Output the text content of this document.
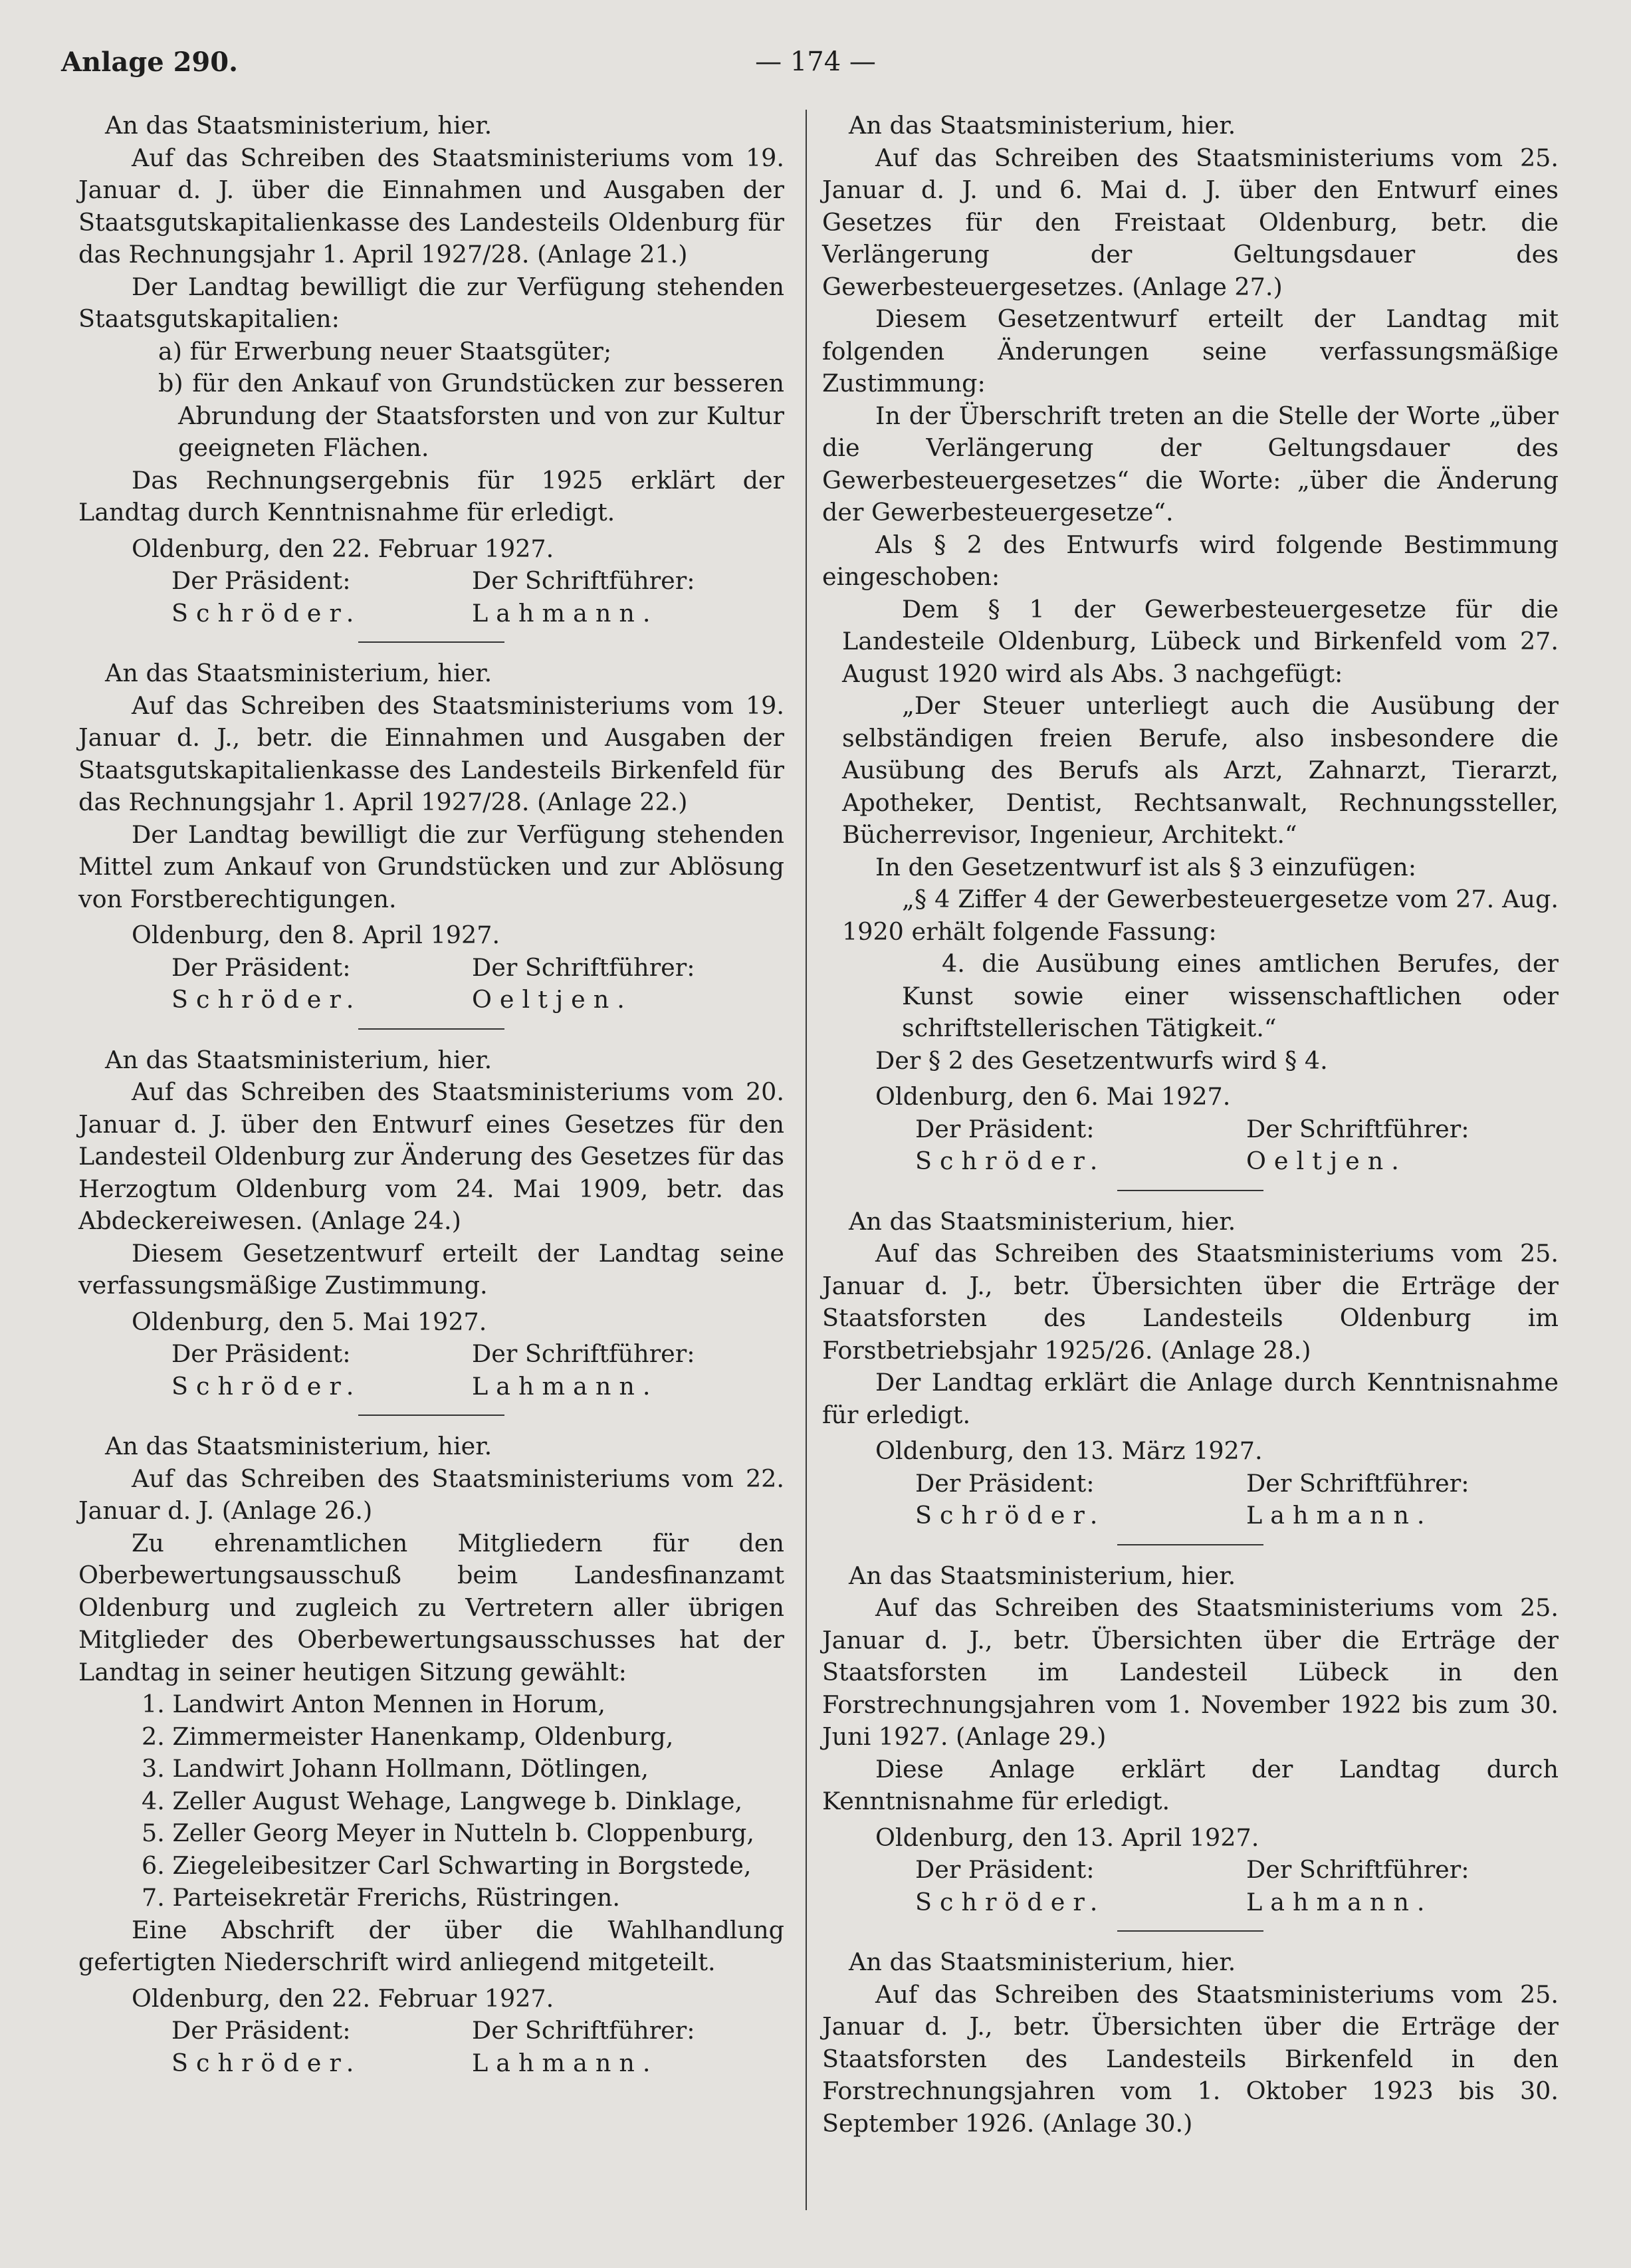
Anlage 290.	— 174 —

An das Staatsministerium, hier.

Auf das Schreiben des Staatsministeriums vom 19. Januar d. J. über die Einnahmen und Ausgaben der Staatsgutskapitalienkasse des Landesteils Oldenburg für das Rechnungsjahr 1. April 1927/28. (Anlage 21.)

Der Landtag bewilligt die zur Verfügung stehenden Staatsgutskapitalien:

a) für Erwerbung neuer Staatsgüter;

b) für den Ankauf von Grundstücken zur besseren Abrundung der Staatsforsten und von zur Kultur geeigneten Flächen.

Das Rechnungsergebnis für 1925 erklärt der Landtag durch Kenntnisnahme für erledigt.

Oldenburg, den 22. Februar 1927.

Der Präsident:	Der Schriftführer:
Schröder.	Lahmann.

An das Staatsministerium, hier.

Auf das Schreiben des Staatsministeriums vom 19. Januar d. J., betr. die Einnahmen und Ausgaben der Staatsgutskapitalienkasse des Landesteils Birkenfeld für das Rechnungsjahr 1. April 1927/28. (Anlage 22.)

Der Landtag bewilligt die zur Verfügung stehenden Mittel zum Ankauf von Grundstücken und zur Ablösung von Forstberechtigungen.

Oldenburg, den 8. April 1927.

Der Präsident:	Der Schriftführer:
Schröder.	Oeltjen.

An das Staatsministerium, hier.

Auf das Schreiben des Staatsministeriums vom 20. Januar d. J. über den Entwurf eines Gesetzes für den Landesteil Oldenburg zur Änderung des Gesetzes für das Herzogtum Oldenburg vom 24. Mai 1909, betr. das Abdeckereiwesen. (Anlage 24.)

Diesem Gesetzentwurf erteilt der Landtag seine verfassungsmäßige Zustimmung.

Oldenburg, den 5. Mai 1927.

Der Präsident:	Der Schriftführer:
Schröder.	Lahmann.

An das Staatsministerium, hier.

Auf das Schreiben des Staatsministeriums vom 22. Januar d. J. (Anlage 26.)

Zu ehrenamtlichen Mitgliedern für den Oberbewertungsausschuß beim Landesfinanzamt Oldenburg und zugleich zu Vertretern aller übrigen Mitglieder des Oberbewertungsausschusses hat der Landtag in seiner heutigen Sitzung gewählt:

1. Landwirt Anton Mennen in Horum,

2. Zimmermeister Hanenkamp, Oldenburg,

3. Landwirt Johann Hollmann, Dötlingen,

4. Zeller August Wehage, Langwege b. Dinklage,

5. Zeller Georg Meyer in Nutteln b. Cloppenburg,

6. Ziegeleibesitzer Carl Schwarting in Borgstede,

7. Parteisekretär Frerichs, Rüstringen.

Eine Abschrift der über die Wahlhandlung gefertigten Niederschrift wird anliegend mitgeteilt.

Oldenburg, den 22. Februar 1927.

Der Präsident:	Der Schriftführer:
Schröder.	Lahmann.

An das Staatsministerium, hier.

Auf das Schreiben des Staatsministeriums vom 25. Januar d. J. und 6. Mai d. J. über den Entwurf eines Gesetzes für den Freistaat Oldenburg, betr. die Verlängerung der Geltungsdauer des Gewerbesteuergesetzes. (Anlage 27.)

Diesem Gesetzentwurf erteilt der Landtag mit folgenden Änderungen seine verfassungsmäßige Zustimmung:

In der Überschrift treten an die Stelle der Worte „über die Verlängerung der Geltungsdauer des Gewerbesteuergesetzes“ die Worte: „über die Änderung der Gewerbesteuergesetze“.

Als § 2 des Entwurfs wird folgende Bestimmung eingeschoben:

Dem § 1 der Gewerbesteuergesetze für die Landesteile Oldenburg, Lübeck und Birkenfeld vom 27. August 1920 wird als Abs. 3 nachgefügt:

„Der Steuer unterliegt auch die Ausübung der selbständigen freien Berufe, also insbesondere die Ausübung des Berufs als Arzt, Zahnarzt, Tierarzt, Apotheker, Dentist, Rechtsanwalt, Rechnungssteller, Bücherrevisor, Ingenieur, Architekt.“

In den Gesetzentwurf ist als § 3 einzufügen:

„§ 4 Ziffer 4 der Gewerbesteuergesetze vom 27. Aug. 1920 erhält folgende Fassung:

4. die Ausübung eines amtlichen Berufes, der Kunst sowie einer wissenschaftlichen oder schriftstellerischen Tätigkeit.“

Der § 2 des Gesetzentwurfs wird § 4.

Oldenburg, den 6. Mai 1927.

Der Präsident:	Der Schriftführer:
Schröder.	Oeltjen.

An das Staatsministerium, hier.

Auf das Schreiben des Staatsministeriums vom 25. Januar d. J., betr. Übersichten über die Erträge der Staatsforsten des Landesteils Oldenburg im Forstbetriebsjahr 1925/26. (Anlage 28.)

Der Landtag erklärt die Anlage durch Kenntnisnahme für erledigt.

Oldenburg, den 13. März 1927.

Der Präsident:	Der Schriftführer:
Schröder.	Lahmann.

An das Staatsministerium, hier.

Auf das Schreiben des Staatsministeriums vom 25. Januar d. J., betr. Übersichten über die Erträge der Staatsforsten im Landesteil Lübeck in den Forstrechnungsjahren vom 1. November 1922 bis zum 30. Juni 1927. (Anlage 29.)

Diese Anlage erklärt der Landtag durch Kenntnisnahme für erledigt.

Oldenburg, den 13. April 1927.

Der Präsident:	Der Schriftführer:
Schröder.	Lahmann.

An das Staatsministerium, hier.

Auf das Schreiben des Staatsministeriums vom 25. Januar d. J., betr. Übersichten über die Erträge der Staatsforsten des Landesteils Birkenfeld in den Forstrechnungsjahren vom 1. Oktober 1923 bis 30. September 1926. (Anlage 30.)
